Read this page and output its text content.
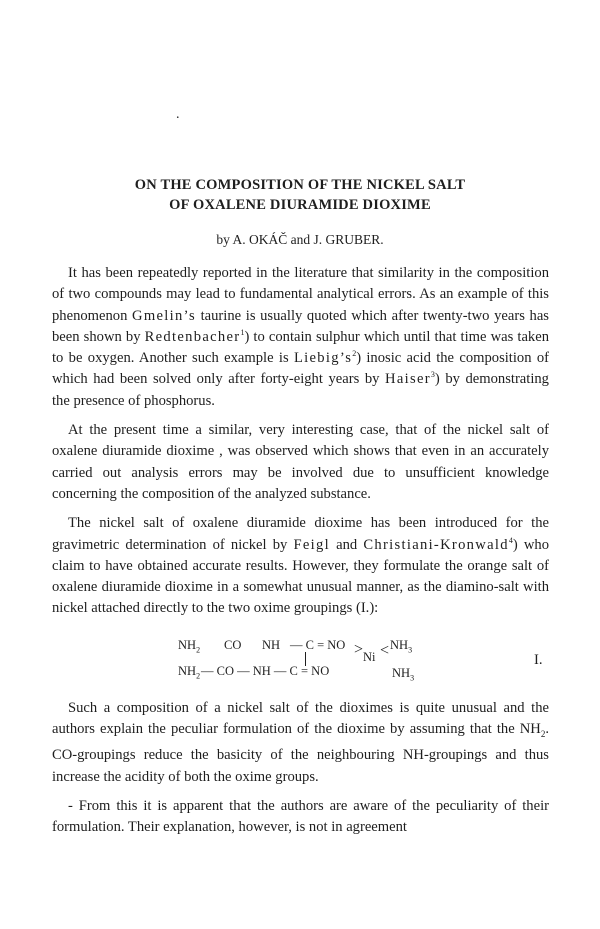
.
ON THE COMPOSITION OF THE NICKEL SALT
OF OXALENE DIURAMIDE DIOXIME
by A. OKÁČ and J. GRUBER.

It has been repeatedly reported in the literature that similarity in the composition of two compounds may lead to fundamental analytical errors. As an example of this phenomenon Gmelin’s taurine is usually quoted which after twenty-two years has been shown by Redtenbacher$^1$) to contain sulphur which until that time was taken to be oxygen. Another such example is $Liebig’s^2$) inosic acid the composition of which had been solved only after forty-eight years by Haiser$^3$) by demonstrating the presence of phosphorus.

At the present time a similar, very interesting case, that of the nickel salt of oxalene diuramide dioxime , was observed which shows that even in an accurately carried out analysis errors may be involved due to unsufficient knowledge concerning the composition of the analyzed substance.

The nickel salt of oxalene diuramide dioxime has been introduced for the gravimetric determination of nickel by Feigl and Christiani-Kronwald$^4$) who claim to have obtained accurate results. However, they formulate the orange salt of oxalene diuramide dioxime in a somewhat unusual manner, as the diamino-salt with nickel attached directly to the two oxime groupings (I.):

$NH_2$ CO NH — C = NO > $Ni < NH_3$
$NH_2$ — CO — NH — C = NO	$NH_3$
I.

Such a composition of a nickel salt of the dioximes is quite unusual and the authors explain the peculiar formulation of the dioxime by assuming that the $NH_2$. CO-groupings reduce the basicity of the neighbouring NH-groupings and thus increase the acidity of both the oxime groups.

- From this it is apparent that the authors are aware of the peculiarity of their formulation. Their explanation, however, is not in agreement
